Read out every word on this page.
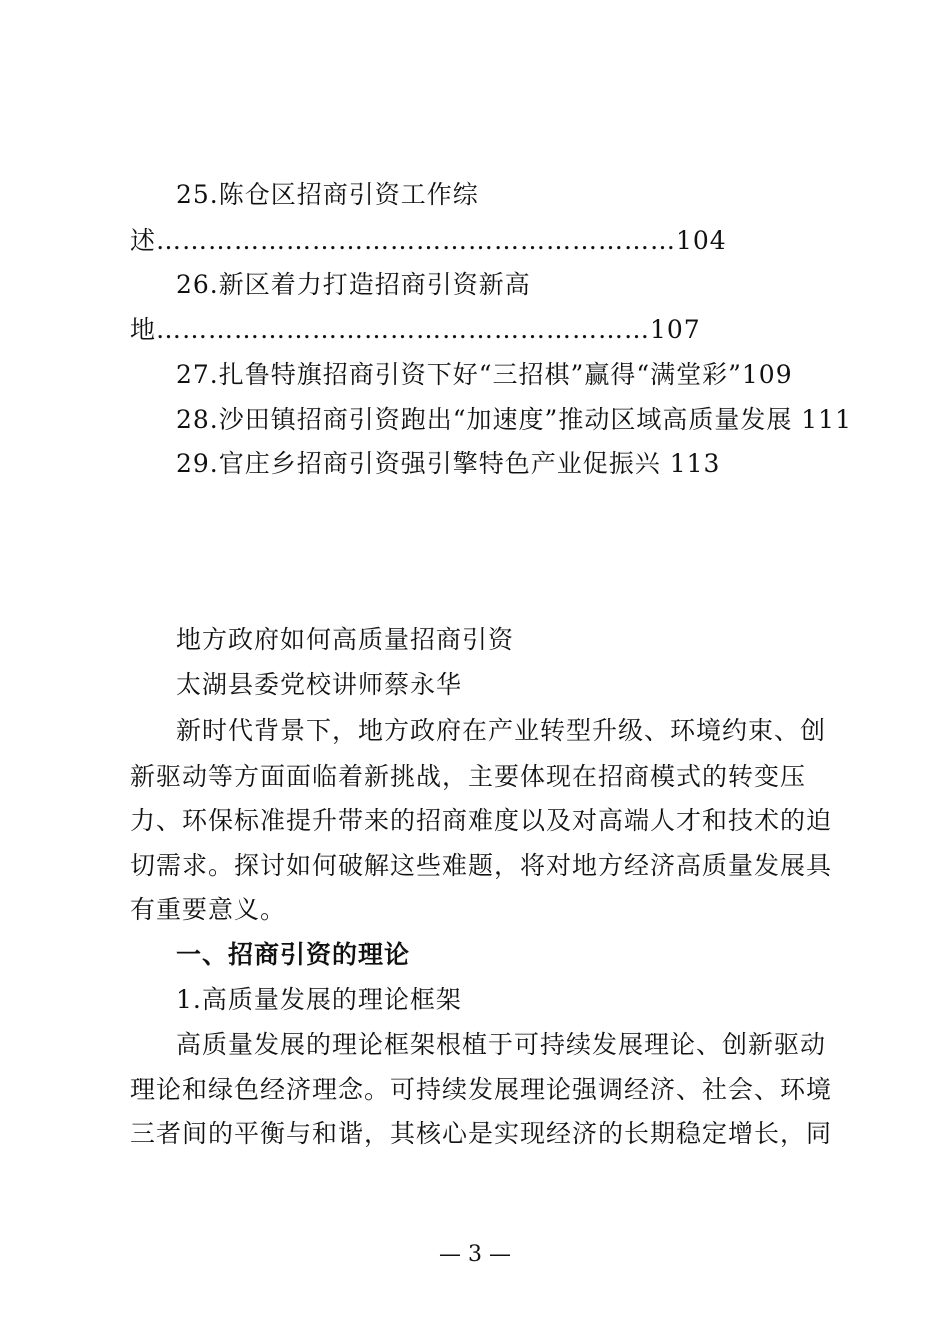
25.陈仓区招商引资工作综
述……………………………………………………104
26.新区着力打造招商引资新高
地…………………………………………………107
27.扎鲁特旗招商引资下好“三招棋”赢得“满堂彩”109
28.沙田镇招商引资跑出“加速度”推动区域高质量发展 111
29.官庄乡招商引资强引擎特色产业促振兴 113
地方政府如何高质量招商引资
太湖县委党校讲师蔡永华
新时代背景下，地方政府在产业转型升级、环境约束、创
新驱动等方面面临着新挑战，主要体现在招商模式的转变压
力、环保标准提升带来的招商难度以及对高端人才和技术的迫
切需求。探讨如何破解这些难题，将对地方经济高质量发展具
有重要意义。
一、招商引资的理论
1.高质量发展的理论框架
高质量发展的理论框架根植于可持续发展理论、创新驱动
理论和绿色经济理念。可持续发展理论强调经济、社会、环境
三者间的平衡与和谐，其核心是实现经济的长期稳定增长，同
— 3 —
